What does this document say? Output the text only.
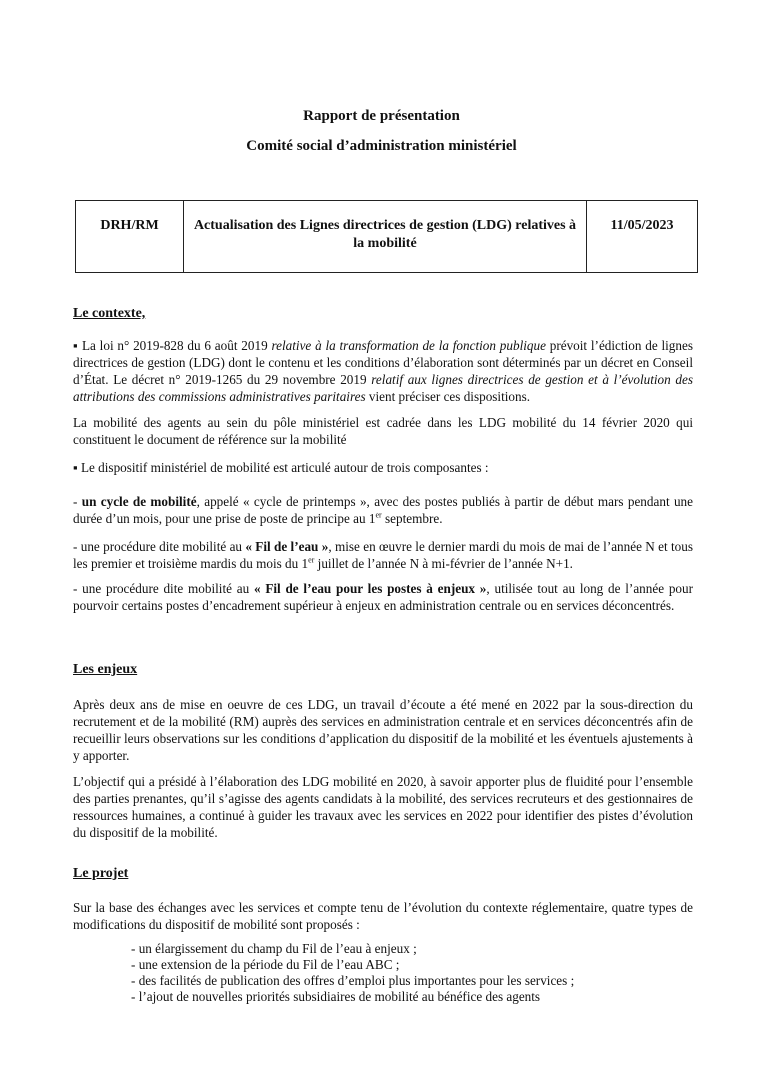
Rapport de présentation
Comité social d’administration ministériel
DRH/RM	Actualisation des Lignes directrices de gestion (LDG) relatives à la mobilité	11/05/2023
Le contexte,
▪ La loi n° 2019-828 du 6 août 2019 relative à la transformation de la fonction publique prévoit l’édiction de lignes directrices de gestion (LDG) dont le contenu et les conditions d’élaboration sont déterminés par un décret en Conseil d’État. Le décret n° 2019-1265 du 29 novembre 2019 relatif aux lignes directrices de gestion et à l’évolution des attributions des commissions administratives paritaires vient préciser ces dispositions.
La mobilité des agents au sein du pôle ministériel est cadrée dans les LDG mobilité du 14 février 2020 qui constituent le document de référence sur la mobilité
▪ Le dispositif ministériel de mobilité est articulé autour de trois composantes :
- un cycle de mobilité, appelé « cycle de printemps », avec des postes publiés à partir de début mars pendant une durée d’un mois, pour une prise de poste de principe au 1er septembre.
- une procédure dite mobilité au « Fil de l’eau », mise en œuvre le dernier mardi du mois de mai de l’année N et tous les premier et troisième mardis du mois du 1er juillet de l’année N à mi-février de l’année N+1.
- une procédure dite mobilité au « Fil de l’eau pour les postes à enjeux », utilisée tout au long de l’année pour pourvoir certains postes d’encadrement supérieur à enjeux en administration centrale ou en services déconcentrés.
Les enjeux
Après deux ans de mise en oeuvre de ces LDG, un travail d’écoute a été mené en 2022 par la sous-direction du recrutement et de la mobilité (RM) auprès des services en administration centrale et en services déconcentrés afin de recueillir leurs observations sur les conditions d’application du dispositif de la mobilité et les éventuels ajustements à y apporter.
L’objectif qui a présidé à l’élaboration des LDG mobilité en 2020, à savoir apporter plus de fluidité pour l’ensemble des parties prenantes, qu’il s’agisse des agents candidats à la mobilité, des services recruteurs et des gestionnaires de ressources humaines, a continué à guider les travaux avec les services en 2022 pour identifier des pistes d’évolution du dispositif de la mobilité.
Le projet
Sur la base des échanges avec les services et compte tenu de l’évolution du contexte réglementaire, quatre types de modifications du dispositif de mobilité sont proposés :
- un élargissement du champ du Fil de l’eau à enjeux ;
- une extension de la période du Fil de l’eau ABC ;
- des facilités de publication des offres d’emploi plus importantes pour les services ;
- l’ajout de nouvelles priorités subsidiaires de mobilité au bénéfice des agents
